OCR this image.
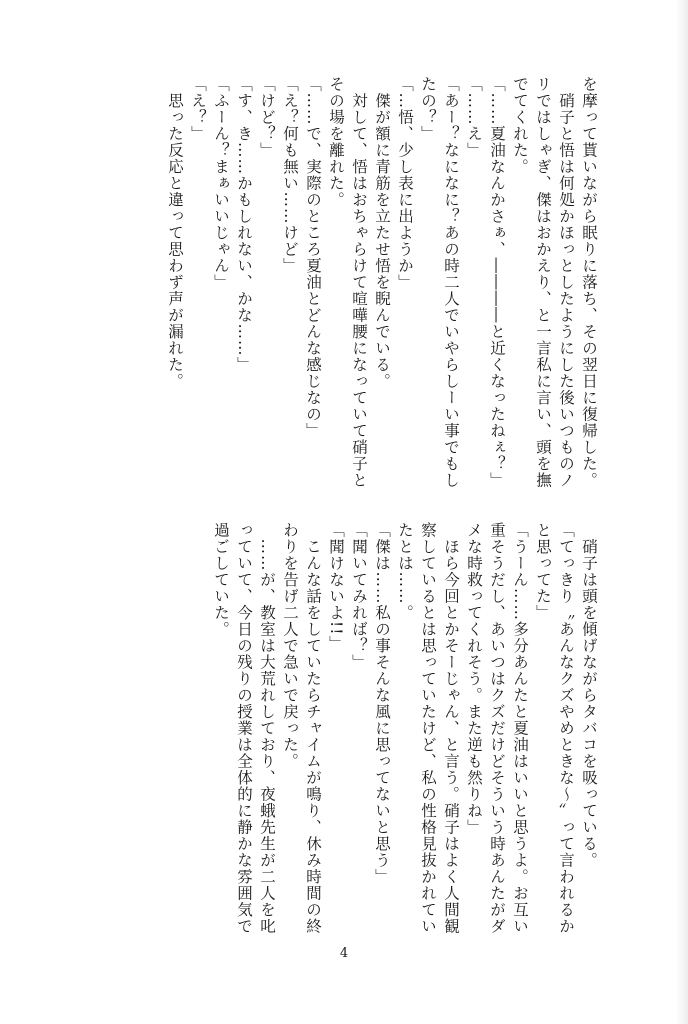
を摩って貰いながら眠りに落ち、その翌日に復帰した。
　硝子と悟は何処かほっとしたようにした後いつものノ
リではしゃぎ、傑はおかえり、と一言私に言い、頭を撫
でてくれた。
「……夏油なんかさぁ、――――と近くなったねぇ？」
「……え」
「あー？なになに？あの時二人でいやらしーい事でもし
たの？」
「…悟、少し表に出ようか」
　傑が額に青筋を立たせ悟を睨んでいる。
　対して、悟はおちゃらけて喧嘩腰になっていて硝子と
その場を離れた。
「……で、実際のところ夏油とどんな感じなの」
「え？何も無い……けど」
「けど？」
「す、き……かもしれない、かな……」
「ふーん？まぁいいじゃん」
「え？」
　思った反応と違って思わず声が漏れた。
　硝子は頭を傾げながらタバコを吸っている。
「てっきり〝あんなクズやめときな〜〟って言われるか
と思ってた」
「うーん……多分あんたと夏油はいいと思うよ。お互い
重そうだし、あいつはクズだけどそういう時あんたがダ
メな時救ってくれそう。また逆も然りね」
　ほら今回とかそーじゃん、と言う。硝子はよく人間観
察しているとは思っていたけど、私の性格見抜かれてい
たとは……。
「傑は……私の事そんな風に思ってないと思う」
「聞いてみれば？」
「聞けないよ!!」
　こんな話をしていたらチャイムが鳴り、休み時間の終
わりを告げ二人で急いで戻った。
　……が、教室は大荒れしており、夜蛾先生が二人を叱
っていて、今日の残りの授業は全体的に静かな雰囲気で
過ごしていた。
4
